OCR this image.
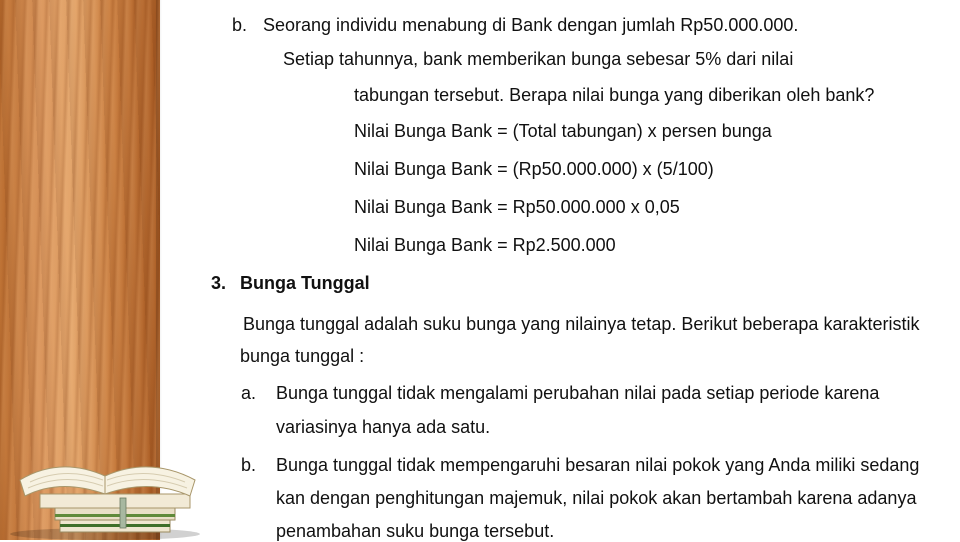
b. Seorang individu menabung di Bank dengan jumlah Rp50.000.000.
Setiap tahunnya, bank memberikan bunga sebesar 5% dari nilai
tabungan tersebut. Berapa nilai bunga yang diberikan oleh bank?
Nilai Bunga Bank = (Total tabungan) x persen bunga
Nilai Bunga Bank = (Rp50.000.000) x (5/100)
Nilai Bunga Bank = Rp50.000.000 x 0,05
Nilai Bunga Bank = Rp2.500.000
3. Bunga Tunggal
Bunga tunggal adalah suku bunga yang nilainya tetap. Berikut beberapa karakteristik
bunga tunggal :
a. Bunga tunggal tidak mengalami perubahan nilai pada setiap periode karena
variasinya hanya ada satu.
b. Bunga tunggal tidak mempengaruhi besaran nilai pokok yang Anda miliki sedang
kan dengan penghitungan majemuk, nilai pokok akan bertambah karena adanya
penambahan suku bunga tersebut.
